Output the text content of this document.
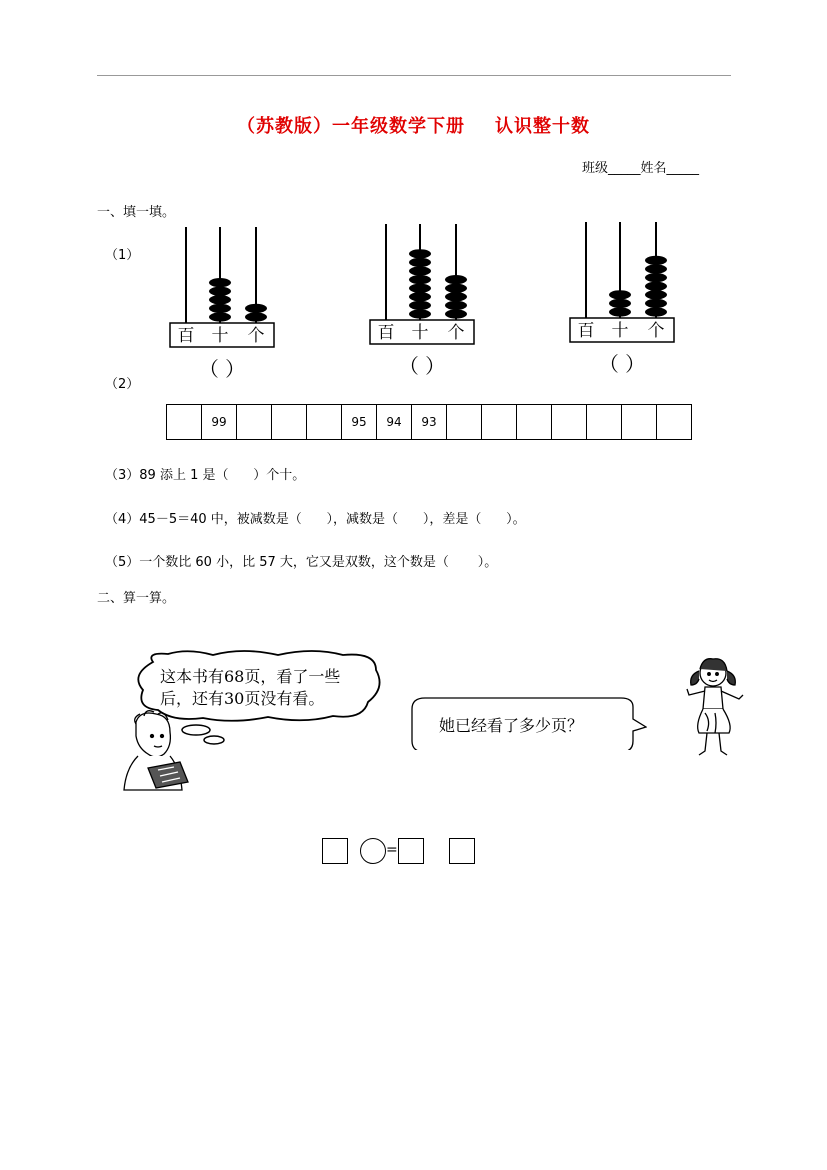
（苏教版）一年级数学下册 认识整十数
班级_____姓名_____
一、填一填。
（1）
百 十 个
（ ）
百 十 个
（ ）
百 十 个
（ ）
（2）
	99				95	94	93							
（3）89 添上 1 是（      ）个十。
（4）45－5＝40 中，被减数是（      ），减数是（      ），差是（      ）。
（5）一个数比 60 小，比 57 大，它又是双数，这个数是（       ）。
二、算一算。
这本书有68页，看了一些
后，还有30页没有看。
她已经看了多少页？
=
